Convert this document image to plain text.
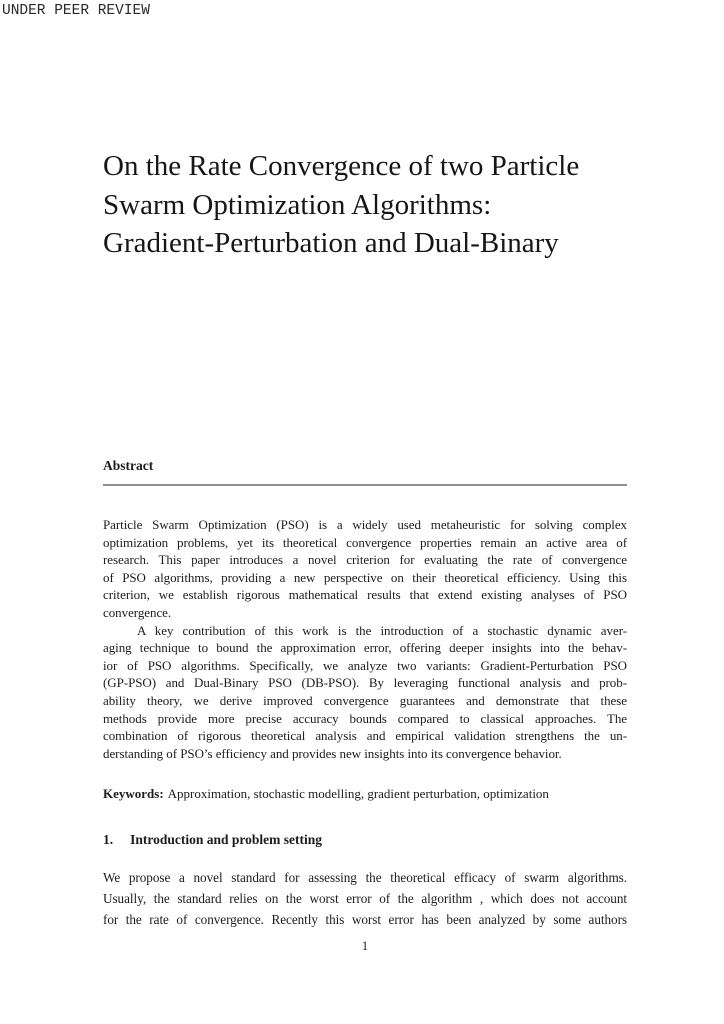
UNDER PEER REVIEW
On the Rate Convergence of two Particle
Swarm Optimization Algorithms:
Gradient-Perturbation and Dual-Binary
Abstract
Particle Swarm Optimization (PSO) is a widely used metaheuristic for solving complex
optimization problems, yet its theoretical convergence properties remain an active area of
research. This paper introduces a novel criterion for evaluating the rate of convergence
of PSO algorithms, providing a new perspective on their theoretical efficiency. Using this
criterion, we establish rigorous mathematical results that extend existing analyses of PSO
convergence.
A key contribution of this work is the introduction of a stochastic dynamic aver-
aging technique to bound the approximation error, offering deeper insights into the behav-
ior of PSO algorithms. Specifically, we analyze two variants: Gradient-Perturbation PSO
(GP-PSO) and Dual-Binary PSO (DB-PSO). By leveraging functional analysis and prob-
ability theory, we derive improved convergence guarantees and demonstrate that these
methods provide more precise accuracy bounds compared to classical approaches. The
combination of rigorous theoretical analysis and empirical validation strengthens the un-
derstanding of PSO’s efficiency and provides new insights into its convergence behavior.
Keywords: Approximation, stochastic modelling, gradient perturbation, optimization
1. Introduction and problem setting
We propose a novel standard for assessing the theoretical efficacy of swarm algorithms.
Usually, the standard relies on the worst error of the algorithm , which does not account
for the rate of convergence. Recently this worst error has been analyzed by some authors
1
